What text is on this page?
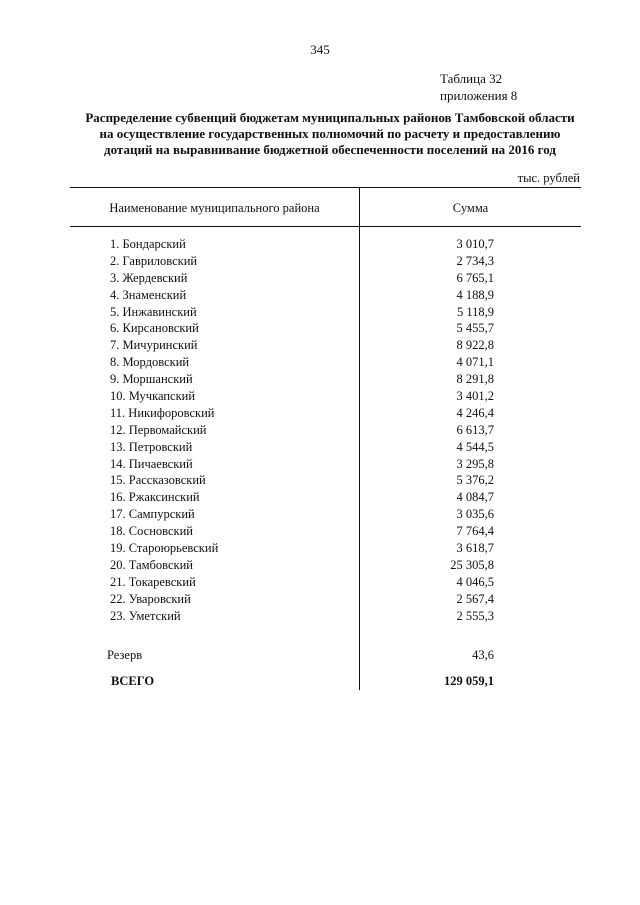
345
Таблица 32
приложения 8
Распределение субвенций бюджетам муниципальных районов Тамбовской области
на осуществление государственных полномочий по расчету и предоставлению
дотаций на выравнивание бюджетной обеспеченности поселений на 2016 год
тыс. рублей
Наименование муниципального района	Сумма
1. Бондарский	3 010,7
2. Гавриловский	2 734,3
3. Жердевский	6 765,1
4. Знаменский	4 188,9
5. Инжавинский	5 118,9
6. Кирсановский	5 455,7
7. Мичуринский	8 922,8
8. Мордовский	4 071,1
9. Моршанский	8 291,8
10. Мучкапский	3 401,2
11. Никифоровский	4 246,4
12. Первомайский	6 613,7
13. Петровский	4 544,5
14. Пичаевский	3 295,8
15. Рассказовский	5 376,2
16. Ржаксинский	4 084,7
17. Сампурский	3 035,6
18. Сосновский	7 764,4
19. Староюрьевский	3 618,7
20. Тамбовский	25 305,8
21. Токаревский	4 046,5
22. Уваровский	2 567,4
23. Уметский	2 555,3
Резерв	43,6
ВСЕГО	129 059,1
